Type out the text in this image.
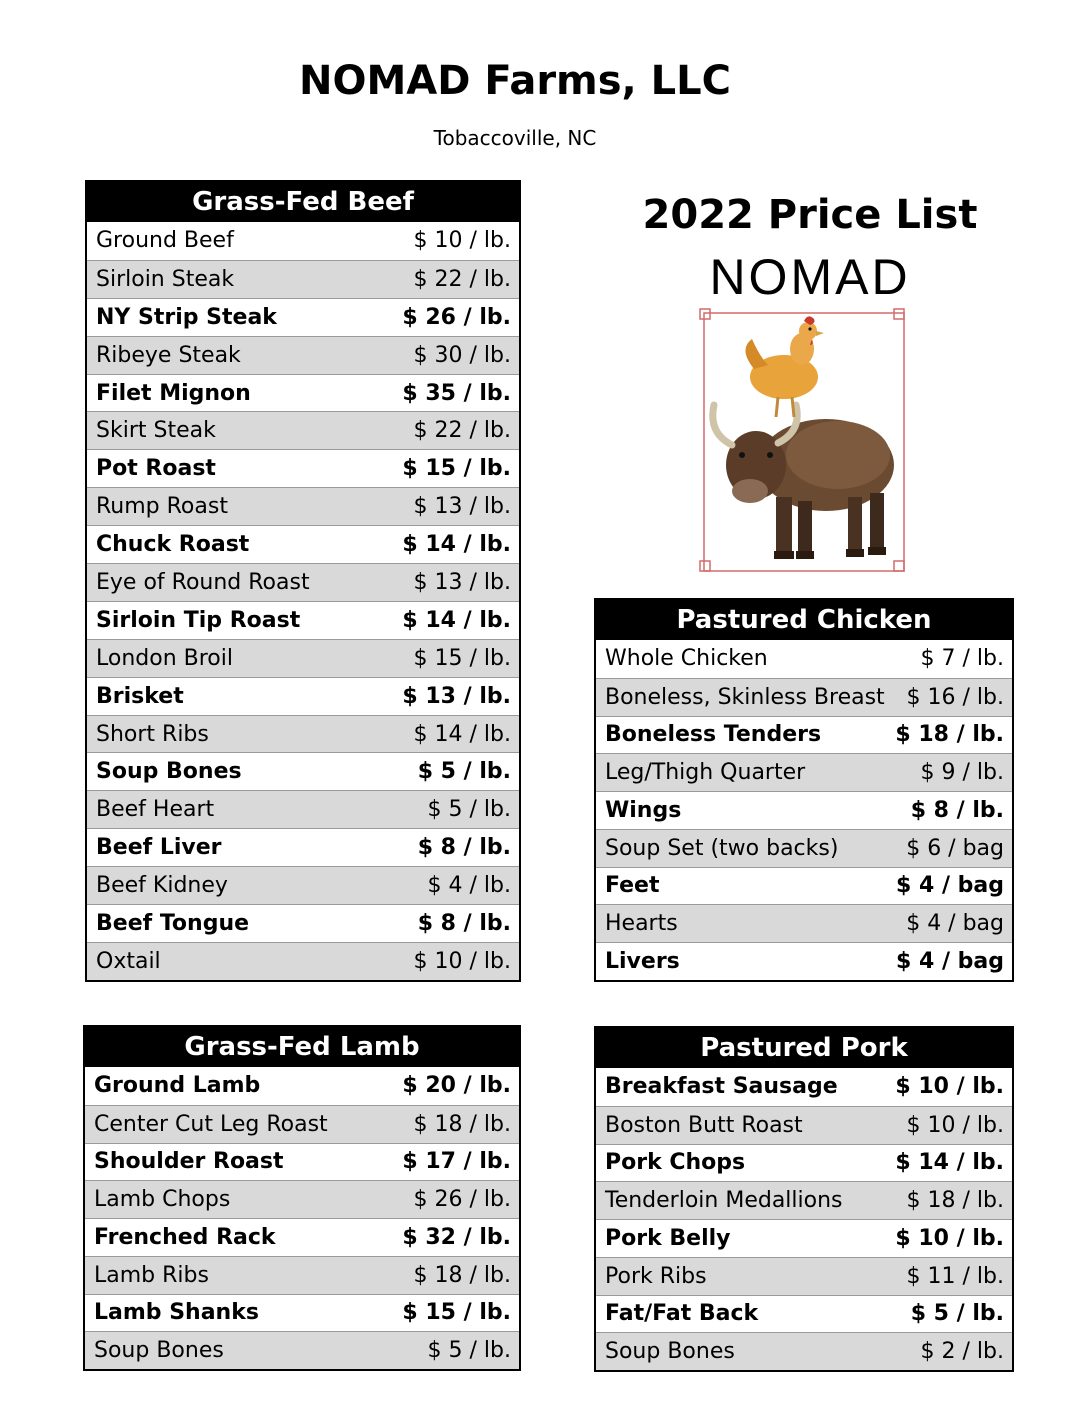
NOMAD Farms, LLC
Tobaccoville, NC
2022 Price List
NOMAD
Grass-Fed Beef
Ground Beef	$ 10 / lb.
Sirloin Steak	$ 22 / lb.
NY Strip Steak	$ 26 / lb.
Ribeye Steak	$ 30 / lb.
Filet Mignon	$ 35 / lb.
Skirt Steak	$ 22 / lb.
Pot Roast	$ 15 / lb.
Rump Roast	$ 13 / lb.
Chuck Roast	$ 14 / lb.
Eye of Round Roast	$ 13 / lb.
Sirloin Tip Roast	$ 14 / lb.
London Broil	$ 15 / lb.
Brisket	$ 13 / lb.
Short Ribs	$ 14 / lb.
Soup Bones	$ 5 / lb.
Beef Heart	$ 5 / lb.
Beef Liver	$ 8 / lb.
Beef Kidney	$ 4 / lb.
Beef Tongue	$ 8 / lb.
Oxtail	$ 10 / lb.
Pastured Chicken
Whole Chicken	$ 7 / lb.
Boneless, Skinless Breast $ 16 / lb.
Boneless Tenders	$ 18 / lb.
Leg/Thigh Quarter	$ 9 / lb.
Wings	$ 8 / lb.
Soup Set (two backs)	$ 6 / bag
Feet	$ 4 / bag
Hearts	$ 4 / bag
Livers	$ 4 / bag
Grass-Fed Lamb
Ground Lamb	$ 20 / lb.
Center Cut Leg Roast	$ 18 / lb.
Shoulder Roast	$ 17 / lb.
Lamb Chops	$ 26 / lb.
Frenched Rack	$ 32 / lb.
Lamb Ribs	$ 18 / lb.
Lamb Shanks	$ 15 / lb.
Soup Bones	$ 5 / lb.
Pastured Pork
Breakfast Sausage	$ 10 / lb.
Boston Butt Roast	$ 10 / lb.
Pork Chops	$ 14 / lb.
Tenderloin Medallions	$ 18 / lb.
Pork Belly	$ 10 / lb.
Pork Ribs	$ 11 / lb.
Fat/Fat Back	$ 5 / lb.
Soup Bones	$ 2 / lb.
